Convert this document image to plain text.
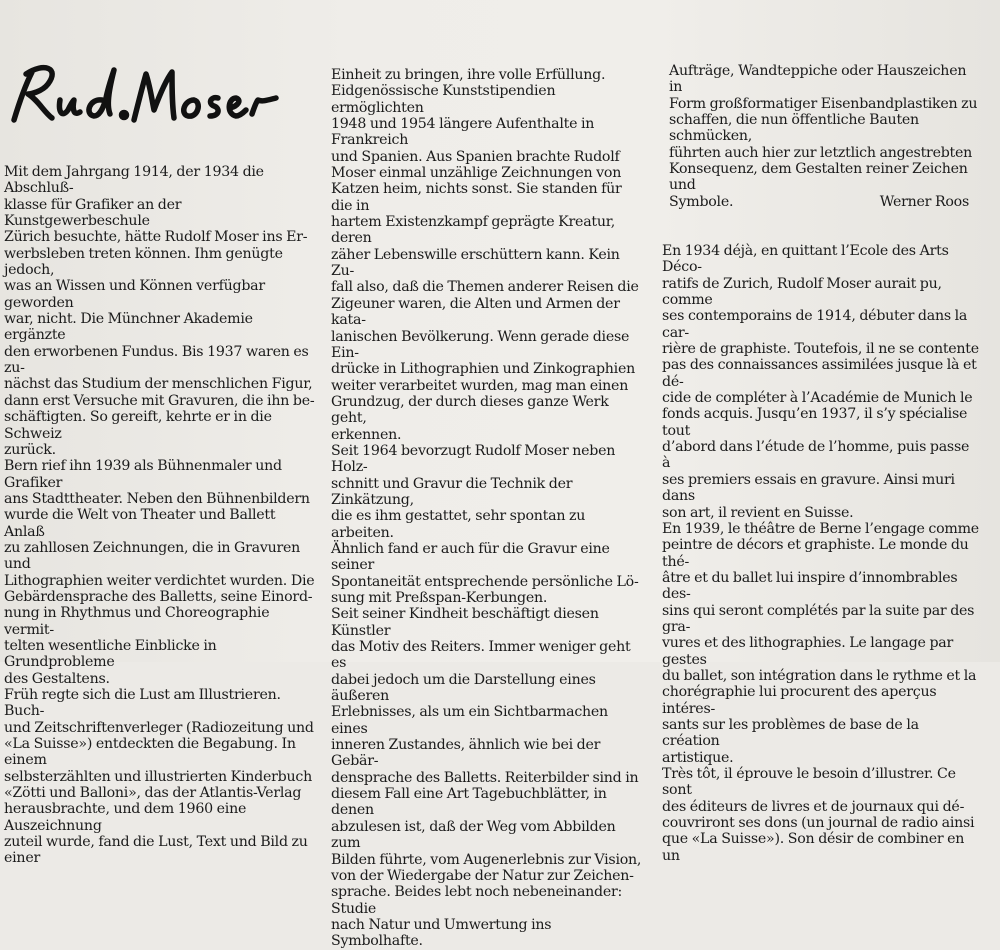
Mit dem Jahrgang 1914, der 1934 die Abschluß-
klasse für Grafiker an der Kunstgewerbeschule
Zürich besuchte, hätte Rudolf Moser ins Er-
werbsleben treten können. Ihm genügte jedoch,
was an Wissen und Können verfügbar geworden
war, nicht. Die Münchner Akademie ergänzte
den erworbenen Fundus. Bis 1937 waren es zu-
nächst das Studium der menschlichen Figur,
dann erst Versuche mit Gravuren, die ihn be-
schäftigten. So gereift, kehrte er in die Schweiz
zurück.

Bern rief ihn 1939 als Bühnenmaler und Grafiker
ans Stadttheater. Neben den Bühnenbildern
wurde die Welt von Theater und Ballett Anlaß
zu zahllosen Zeichnungen, die in Gravuren und
Lithographien weiter verdichtet wurden. Die
Gebärdensprache des Balletts, seine Einord-
nung in Rhythmus und Choreographie vermit-
telten wesentliche Einblicke in Grundprobleme
des Gestaltens.

Früh regte sich die Lust am Illustrieren. Buch-
und Zeitschriftenverleger (Radiozeitung und
«La Suisse») entdeckten die Begabung. In einem
selbsterzählten und illustrierten Kinderbuch
«Zötti und Balloni», das der Atlantis-Verlag
herausbrachte, und dem 1960 eine Auszeichnung
zuteil wurde, fand die Lust, Text und Bild zu einer

Einheit zu bringen, ihre volle Erfüllung.
Eidgenössische Kunststipendien ermöglichten
1948 und 1954 längere Aufenthalte in Frankreich
und Spanien. Aus Spanien brachte Rudolf
Moser einmal unzählige Zeichnungen von
Katzen heim, nichts sonst. Sie standen für die in
hartem Existenzkampf geprägte Kreatur, deren
zäher Lebenswille erschüttern kann. Kein Zu-
fall also, daß die Themen anderer Reisen die
Zigeuner waren, die Alten und Armen der kata-
lanischen Bevölkerung. Wenn gerade diese Ein-
drücke in Lithographien und Zinkographien
weiter verarbeitet wurden, mag man einen
Grundzug, der durch dieses ganze Werk geht,
erkennen.

Seit 1964 bevorzugt Rudolf Moser neben Holz-
schnitt und Gravur die Technik der Zinkätzung,
die es ihm gestattet, sehr spontan zu arbeiten.
Ähnlich fand er auch für die Gravur eine seiner
Spontaneität entsprechende persönliche Lö-
sung mit Preßspan-Kerbungen.

Seit seiner Kindheit beschäftigt diesen Künstler
das Motiv des Reiters. Immer weniger geht es
dabei jedoch um die Darstellung eines äußeren
Erlebnisses, als um ein Sichtbarmachen eines
inneren Zustandes, ähnlich wie bei der Gebär-
densprache des Balletts. Reiterbilder sind in
diesem Fall eine Art Tagebuchblätter, in denen
abzulesen ist, daß der Weg vom Abbilden zum
Bilden führte, vom Augenerlebnis zur Vision,
von der Wiedergabe der Natur zur Zeichen-
sprache. Beides lebt noch nebeneinander: Studie
nach Natur und Umwertung ins Symbolhafte.

Aufträge, Wandteppiche oder Hauszeichen in
Form großformatiger Eisenbandplastiken zu
schaffen, die nun öffentliche Bauten schmücken,
führten auch hier zur letztlich angestrebten
Konsequenz, dem Gestalten reiner Zeichen und
Symbole.	Werner Roos

En 1934 déjà, en quittant l’Ecole des Arts Déco-
ratifs de Zurich, Rudolf Moser aurait pu, comme
ses contemporains de 1914, débuter dans la car-
rière de graphiste. Toutefois, il ne se contente
pas des connaissances assimilées jusque là et dé-
cide de compléter à l’Académie de Munich le
fonds acquis. Jusqu’en 1937, il s’y spécialise tout
d’abord dans l’étude de l’homme, puis passe à
ses premiers essais en gravure. Ainsi muri dans
son art, il revient en Suisse.

En 1939, le théâtre de Berne l’engage comme
peintre de décors et graphiste. Le monde du thé-
âtre et du ballet lui inspire d’innombrables des-
sins qui seront complétés par la suite par des gra-
vures et des lithographies. Le langage par gestes
du ballet, son intégration dans le rythme et la
chorégraphie lui procurent des aperçus intéres-
sants sur les problèmes de base de la création
artistique.

Très tôt, il éprouve le besoin d’illustrer. Ce sont
des éditeurs de livres et de journaux qui dé-
couvriront ses dons (un journal de radio ainsi
que «La Suisse»). Son désir de combiner en un
